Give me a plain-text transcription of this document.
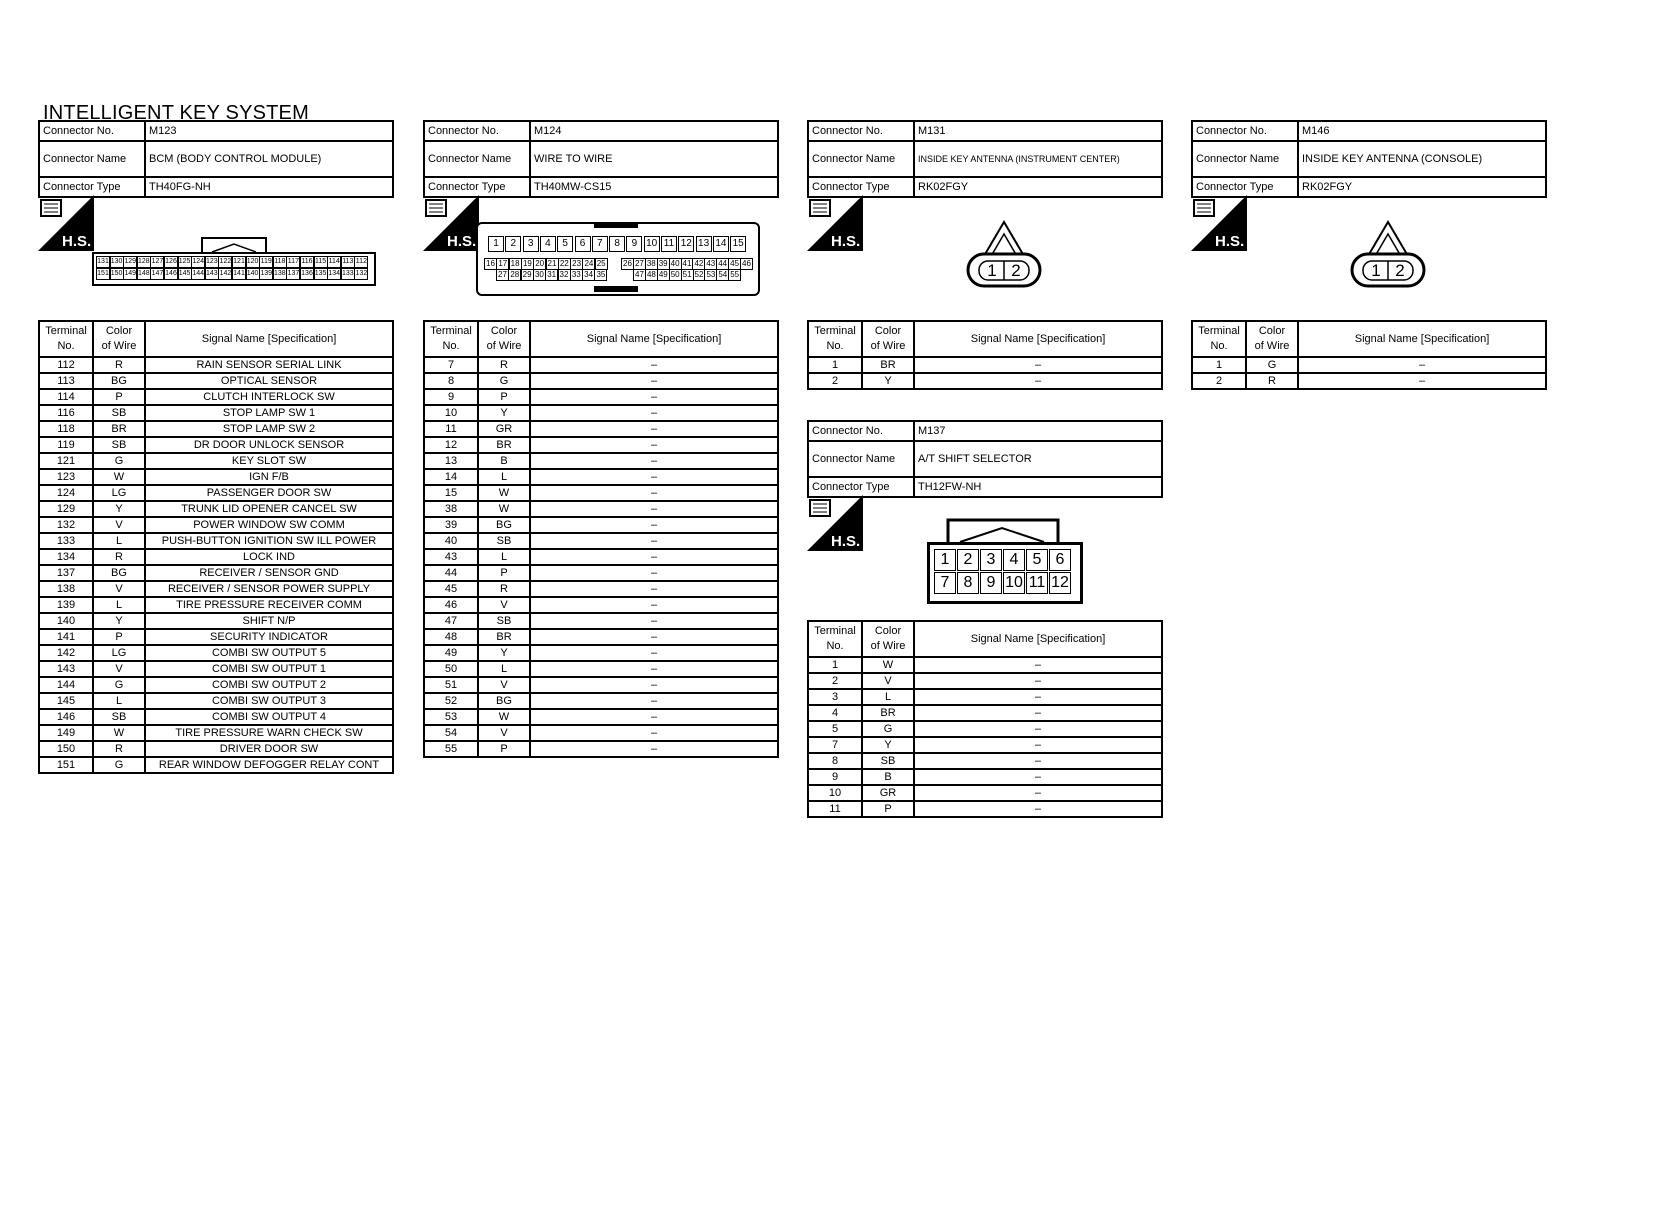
INTELLIGENT KEY SYSTEM
Connector No.	M123
Connector Name	BCM (BODY CONTROL MODULE)
Connector Type	TH40FG-NH
Connector No.	M124
Connector Name	WIRE TO WIRE
Connector Type	TH40MW-CS15
Connector No.	M131
Connector Name	INSIDE KEY ANTENNA (INSTRUMENT CENTER)
Connector Type	RK02FGY
Connector No.	M146
Connector Name	INSIDE KEY ANTENNA (CONSOLE)
Connector Type	RK02FGY
Connector No.	M137
Connector Name	A/T SHIFT SELECTOR
Connector Type	TH12FW-NH
H.S.	H.S.	H.S.	H.S.
H.S.
131
151
130
150
129
149
128
148
127
147
126
146
125
145
124
144
123
143
122
142
121
141
120
140
119
139
118
138
117
137
116
136
115
135
114
134
113
133
112
132
1	2	3	4	5	6	7	8	9 10 11 12 13 14 15
16 17 18 19 20 21 22 23 24 25 26 27 38 39 40 41 42 43 44 45 46
27 28 29 30 31 32 33 34 35	47 48 49 50 51 52 53 54 55	1 2	1 2
1
7
2
8
3
9
4
10
5
11
6
12
Terminal
No.	Color
of Wire	Signal Name [Specification]
112	R	RAIN SENSOR SERIAL LINK
113	BG	OPTICAL SENSOR
114	P	CLUTCH INTERLOCK SW
116	SB	STOP LAMP SW 1
118	BR	STOP LAMP SW 2
119	SB	DR DOOR UNLOCK SENSOR
121	G	KEY SLOT SW
123	W	IGN F/B
124	LG	PASSENGER DOOR SW
129	Y	TRUNK LID OPENER CANCEL SW
132	V	POWER WINDOW SW COMM
133	L	PUSH-BUTTON IGNITION SW ILL POWER
134	R	LOCK IND
137	BG	RECEIVER / SENSOR GND
138	V	RECEIVER / SENSOR POWER SUPPLY
139	L	TIRE PRESSURE RECEIVER COMM
140	Y	SHIFT N/P
141	P	SECURITY INDICATOR
142	LG	COMBI SW OUTPUT 5
143	V	COMBI SW OUTPUT 1
144	G	COMBI SW OUTPUT 2
145	L	COMBI SW OUTPUT 3
146	SB	COMBI SW OUTPUT 4
149	W	TIRE PRESSURE WARN CHECK SW
150	R	DRIVER DOOR SW
151	G	REAR WINDOW DEFOGGER RELAY CONT
Terminal
No.	Color
of Wire	Signal Name [Specification]
7	R	–
8	G	–
9	P	–
10	Y	–
11	GR	–
12	BR	–
13	B	–
14	L	–
15	W	–
38	W	–
39	BG	–
40	SB	–
43	L	–
44	P	–
45	R	–
46	V	–
47	SB	–
48	BR	–
49	Y	–
50	L	–
51	V	–
52	BG	–
53	W	–
54	V	–
55	P	–
Terminal
No.	Color
of Wire	Signal Name [Specification]
1	BR	–
2	Y	–
Terminal
No.	Color
of Wire	Signal Name [Specification]
1	G	–
2	R	–
Terminal
No.	Color
of Wire	Signal Name [Specification]
1	W	–
2	V	–
3	L	–
4	BR	–
5	G	–
7	Y	–
8	SB	–
9	B	–
10	GR	–
11	P	–
